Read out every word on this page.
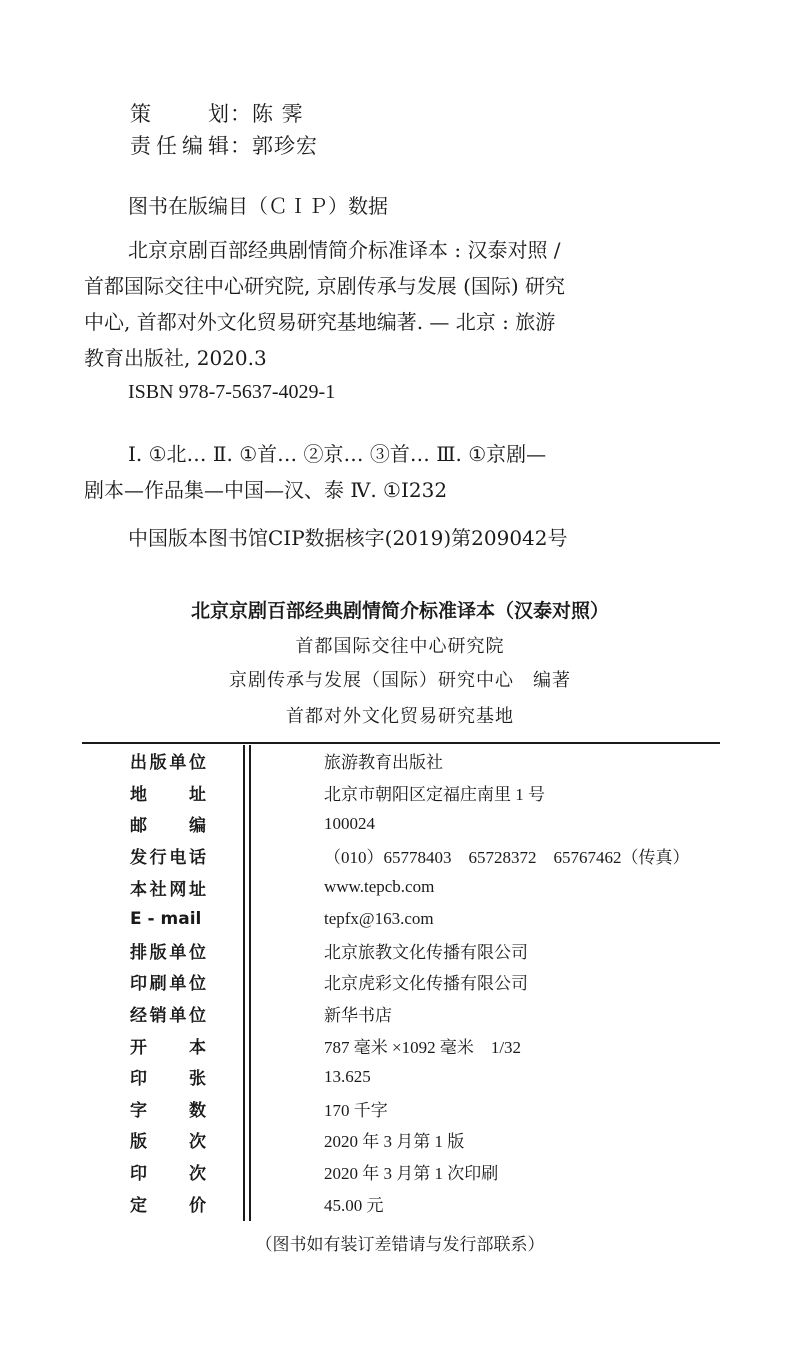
策划：陈 霁
责任编辑：郭珍宏
图书在版编目（ＣＩＰ）数据
北京京剧百部经典剧情简介标准译本 : 汉泰对照 /
首都国际交往中心研究院, 京剧传承与发展 (国际) 研究
中心, 首都对外文化贸易研究基地编著. — 北京 : 旅游
教育出版社, 2020.3
ISBN 978-7-5637-4029-1
Ⅰ. ①北… Ⅱ. ①首… ②京… ③首… Ⅲ. ①京剧—
剧本—作品集—中国—汉、泰 Ⅳ. ①I232
中国版本图书馆CIP数据核字(2019)第209042号
北京京剧百部经典剧情简介标准译本（汉泰对照）
首都国际交往中心研究院
京剧传承与发展（国际）研究中心　编著
首都对外文化贸易研究基地
出版单位		旅游教育出版社
地址		北京市朝阳区定福庄南里 1 号
邮编		100024
发行电话		（010）65778403　65728372　65767462（传真）
本社网址		www.tepcb.com
E - mail		tepfx@163.com
排版单位		北京旅教文化传播有限公司
印刷单位		北京虎彩文化传播有限公司
经销单位		新华书店
开本		787 毫米 ×1092 毫米　1/32
印张		13.625
字数		170 千字
版次		2020 年 3 月第 1 版
印次		2020 年 3 月第 1 次印刷
定价		45.00 元
（图书如有装订差错请与发行部联系）
